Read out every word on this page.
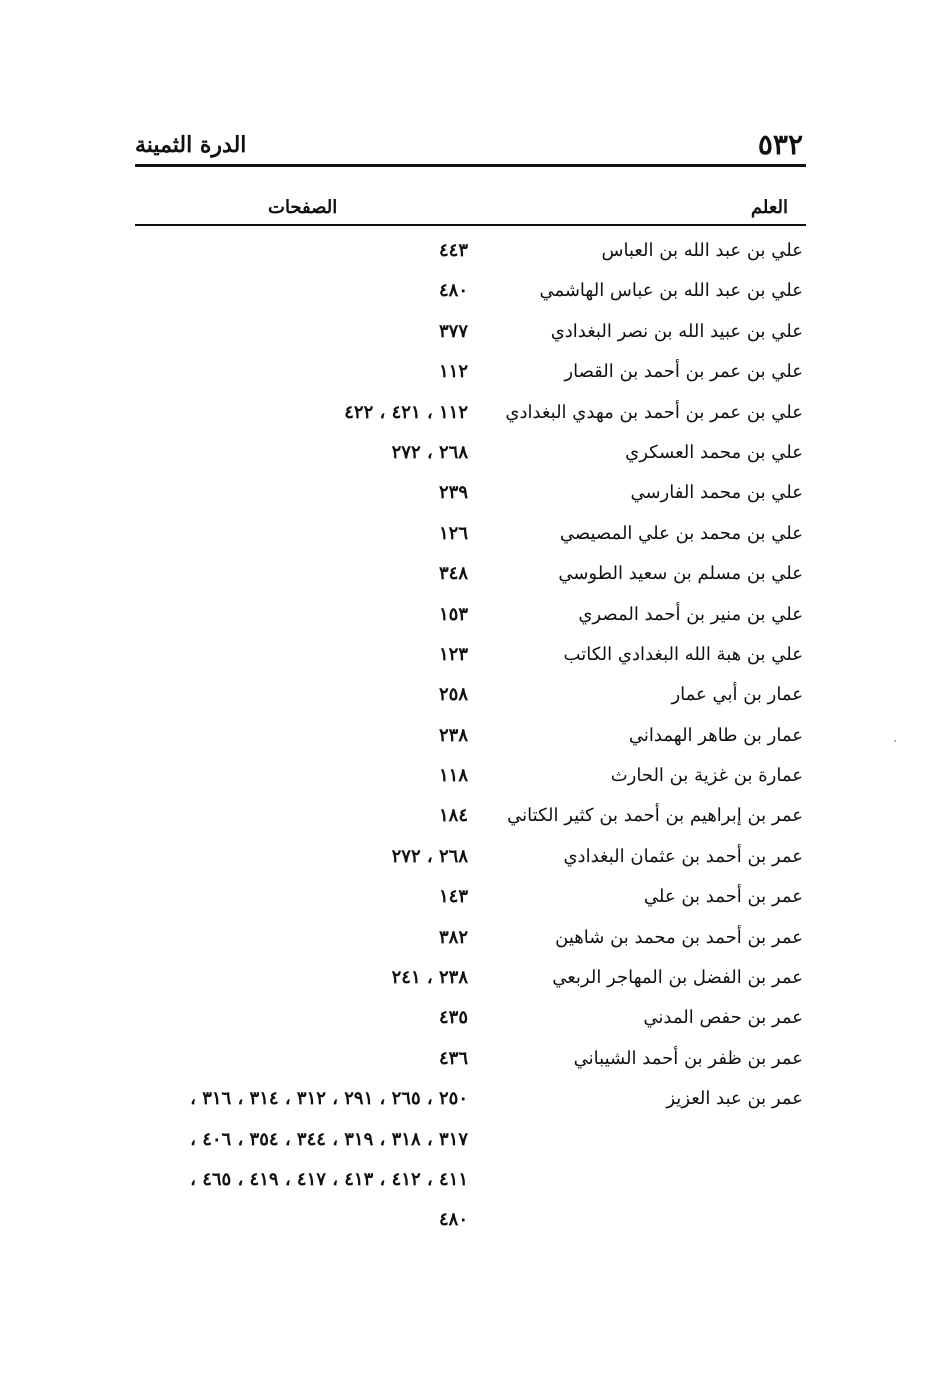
٥٣٢
الدرة الثمينة
العلم
الصفحات
علي بن عبد الله بن العباس
٤٤٣
علي بن عبد الله بن عباس الهاشمي
٤٨٠
علي بن عبيد الله بن نصر البغدادي
٣٧٧
علي بن عمر بن أحمد بن القصار
١١٢
علي بن عمر بن أحمد بن مهدي البغدادي
١١٢ ، ٤٢١ ، ٤٢٢
علي بن محمد العسكري
٢٦٨ ، ٢٧٢
علي بن محمد الفارسي
٢٣٩
علي بن محمد بن علي المصيصي
١٢٦
علي بن مسلم بن سعيد الطوسي
٣٤٨
علي بن منير بن أحمد المصري
١٥٣
علي بن هبة الله البغدادي الكاتب
١٢٣
عمار بن أبي عمار
٢٥٨
عمار بن طاهر الهمداني
٢٣٨
عمارة بن غزية بن الحارث
١١٨
عمر بن إبراهيم بن أحمد بن كثير الكتاني
١٨٤
عمر بن أحمد بن عثمان البغدادي
٢٦٨ ، ٢٧٢
عمر بن أحمد بن علي
١٤٣
عمر بن أحمد بن محمد بن شاهين
٣٨٢
عمر بن الفضل بن المهاجر الربعي
٢٣٨ ، ٢٤١
عمر بن حفص المدني
٤٣٥
عمر بن ظفر بن أحمد الشيباني
٤٣٦
عمر بن عبد العزيز
٢٥٠ ، ٢٦٥ ، ٢٩١ ، ٣١٢ ، ٣١٤ ، ٣١٦ ،
٣١٧ ، ٣١٨ ، ٣١٩ ، ٣٤٤ ، ٣٥٤ ، ٤٠٦ ،
٤١١ ، ٤١٢ ، ٤١٣ ، ٤١٧ ، ٤١٩ ، ٤٦٥ ،
٤٨٠
